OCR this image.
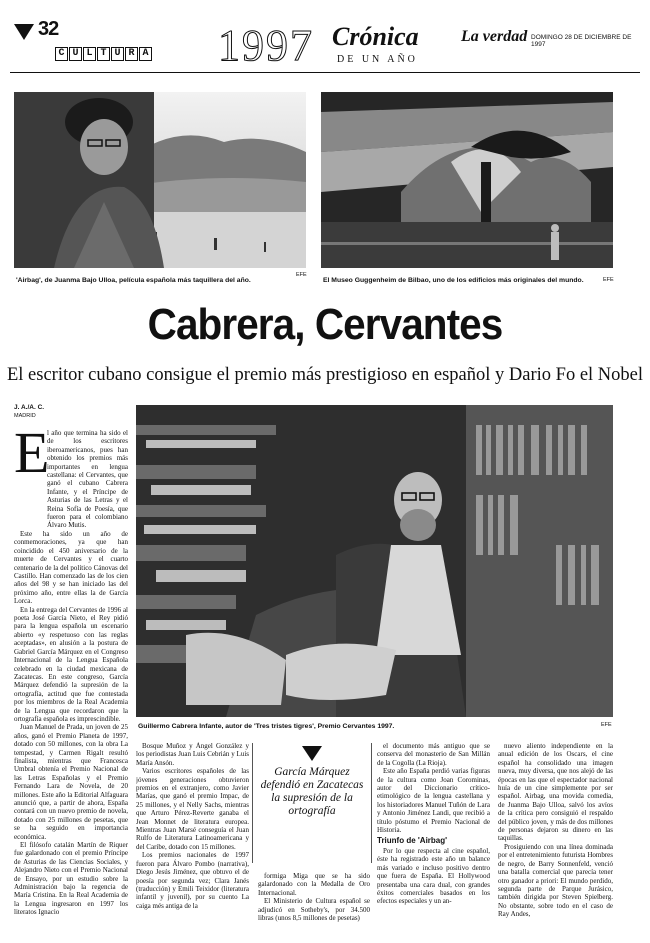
32
C U L T U R A 1997 Crónica
DE UN AÑO
La verdad DOMINGO 28 DE DICIEMBRE DE 1997
'Airbag', de Juanma Bajo Ulloa, película española más taquillera del año.
EFE
El Museo Guggenheim de Bilbao, uno de los edificios más originales del mundo.	EFE
Cabrera, Cervantes
El escritor cubano consigue el premio más prestigioso en español y Dario Fo el Nobel
J. A./A. C.
MADRID
E
l año que termina ha sido el de los escritores iberoamericanos, pues han obtenido los premios más importantes en lengua castellana: el Cervantes, que ganó el cubano Cabrera Infante, y el Príncipe de Asturias de las Letras y el Reina Sofía de Poesía, que fueron para el colombiano Álvaro Mutis.

Este ha sido un año de conmemoraciones, ya que han coincidido el 450 aniversario de la muerte de Cervantes y el cuarto centenario de la del político Cánovas del Castillo. Han comenzado las de los cien años del 98 y se han iniciado las del próximo año, entre ellas la de García Lorca.

En la entrega del Cervantes de 1996 al poeta José García Nieto, el Rey pidió para la lengua española un escenario abierto «y respetuoso con las reglas aceptadas», en alusión a la postura de Gabriel García Márquez en el Congreso Internacional de la Lengua Española celebrado en la ciudad mexicana de Zacatecas. En este congreso, García Márquez defendió la supresión de la ortografía, actitud que fue contestada por los miembros de la Real Academia de la Lengua que recordaron que la ortografía española es imprescindible.

Juan Manuel de Prada, un joven de 25 años, ganó el Premio Planeta de 1997, dotado con 50 millones, con la obra La tempestad, y Carmen Rigalt resultó finalista, mientras que Francesca Umbral obtenía el Premio Nacional de las Letras Españolas y el Premio Fernando Lara de Novela, de 20 millones. Este año la Editorial Alfaguara anunció que, a partir de ahora, España contará con un nuevo premio de novela, dotado con 25 millones de pesetas, que se ha seguido en importancia económica.

El filósofo catalán Martín de Riquer fue galardonado con el premio Príncipe de Asturias de las Ciencias Sociales, y Alejandro Nieto con el Premio Nacional de Ensayo, por un estudio sobre la Administración bajo la regencia de María Cristina. En la Real Academia de la Lengua ingresaron en 1997 los literatos Ignacio

Guillermo Cabrera Infante, autor de 'Tres tristes tigres', Premio Cervantes 1997.	EFE

Bosque Muñoz y Ángel González y los periodistas Juan Luis Cebrián y Luis María Ansón.

Varios escritores españoles de las jóvenes generaciones obtuvieron premios en el extranjero, como Javier Marías, que ganó el premio Impac, de 25 millones, y el Nelly Sachs, mientras que Arturo Pérez-Reverte ganaba el Jean Monnet de literatura europea. Mientras Juan Marsé conseguía el Juan Rulfo de Literatura Latinoamericana y del Caribe, dotado con 15 millones.

Los premios nacionales de 1997 fueron para Álvaro Pombo (narrativa), Diego Jesús Jiménez, que obtuvo el de poesía por segunda vez; Clara Janés (traducción) y Emili Teixidor (literatura infantil y juvenil), por su cuento La caiga més antiga de la

García Márquez defendió en Zacatecas la supresión de la ortografía

formiga Miga que se ha sido galardonado con la Medalla de Oro Internacional.

El Ministerio de Cultura español se adjudicó en Sotheby's, por 34.500 libras (unos 8,5 millones de pesetas)

el documento más antiguo que se conserva del monasterio de San Millán de la Cogolla (La Rioja).

Este año España perdió varias figuras de la cultura como Joan Corominas, autor del Diccionario crítico-etimológico de la lengua castellana y los historiadores Manuel Tuñón de Lara y Antonio Jiménez Landi, que recibió a título póstumo el Premio Nacional de Historia.

Triunfo de 'Airbag'

Por lo que respecta al cine español, éste ha registrado este año un balance más variado e incluso positivo dentro que fuera de España. El Hollywood presentaba una cara dual, con grandes éxitos comerciales basados en los efectos especiales y un an-

nuevo aliento independiente en la anual edición de los Oscars, el cine español ha consolidado una imagen nueva, muy diversa, que nos alejó de las épocas en las que el espectador nacional huía de un cine simplemente por ser español. Airbag, una movida comedia, de Juanma Bajo Ulloa, salvó los avíos de la crítica pero consiguió el respaldo del público joven, y más de dos millones de personas dejaron su dinero en las taquillas.

Prosiguiendo con una línea dominada por el entretenimiento futurista Hombres de negro, de Barry Sonnenfeld, venció una batalla comercial que parecía tener otro ganador a priori: El mundo perdido, segunda parte de Parque Jurásico, también dirigida por Steven Spielberg. No obstante, sobre todo en el caso de Ray Andes,
